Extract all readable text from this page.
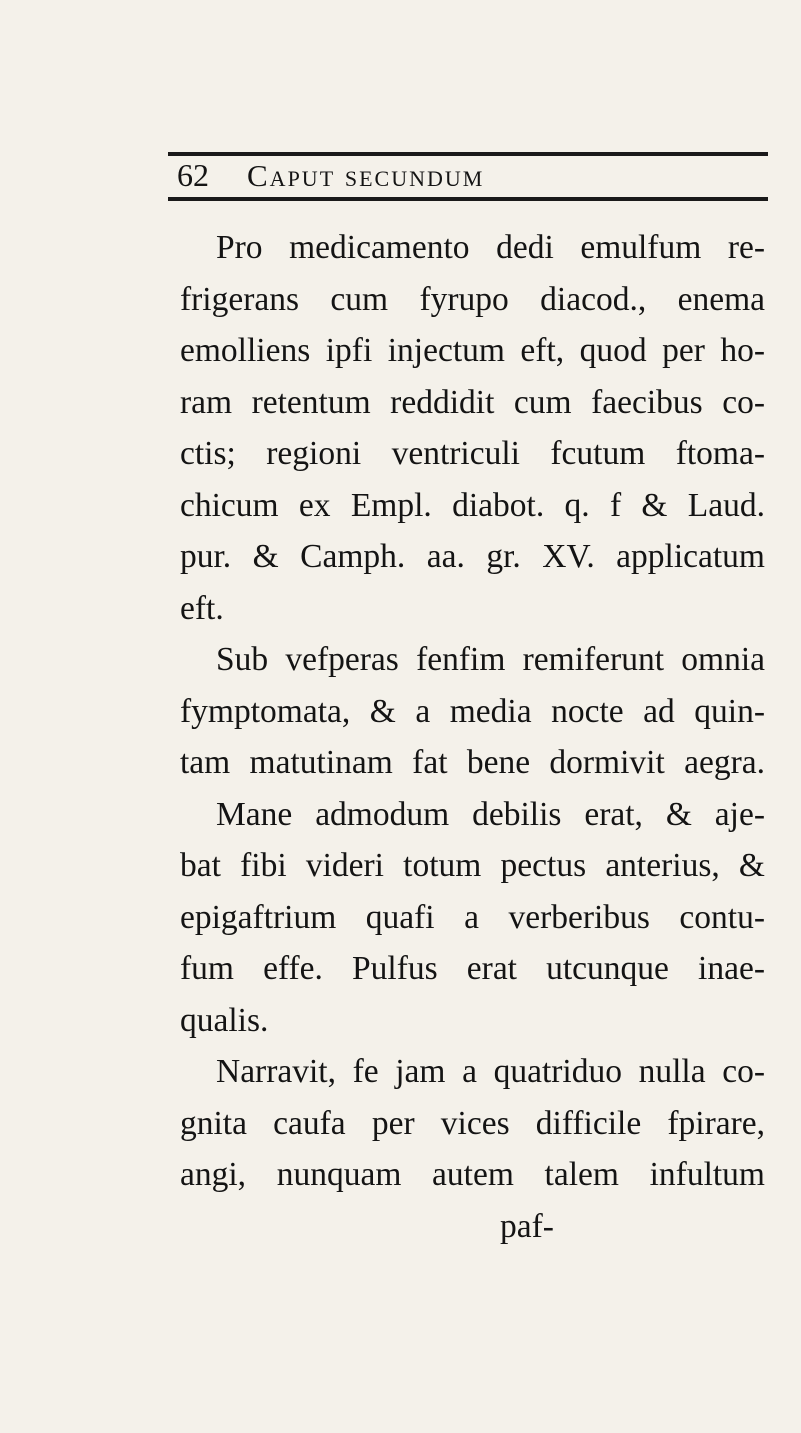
62	Caput secundum
Pro medicamento dedi emulfum re-
frigerans cum fyrupo diacod., enema
emolliens ipfi injectum eft, quod per ho-
ram retentum reddidit cum faecibus co-
ctis; regioni ventriculi fcutum ftoma-
chicum ex Empl. diabot. q. f & Laud.
pur. & Camph. aa. gr. XV. applicatum
eft.
Sub vefperas fenfim remiferunt omnia
fymptomata, & a media nocte ad quin-
tam matutinam fat bene dormivit aegra.
Mane admodum debilis erat, & aje-
bat fibi videri totum pectus anterius, &
epigaftrium quafi a verberibus contu-
fum effe. Pulfus erat utcunque inae-
qualis.
Narravit, fe jam a quatriduo nulla co-
gnita caufa per vices difficile fpirare,
angi, nunquam autem talem infultum
paf-
